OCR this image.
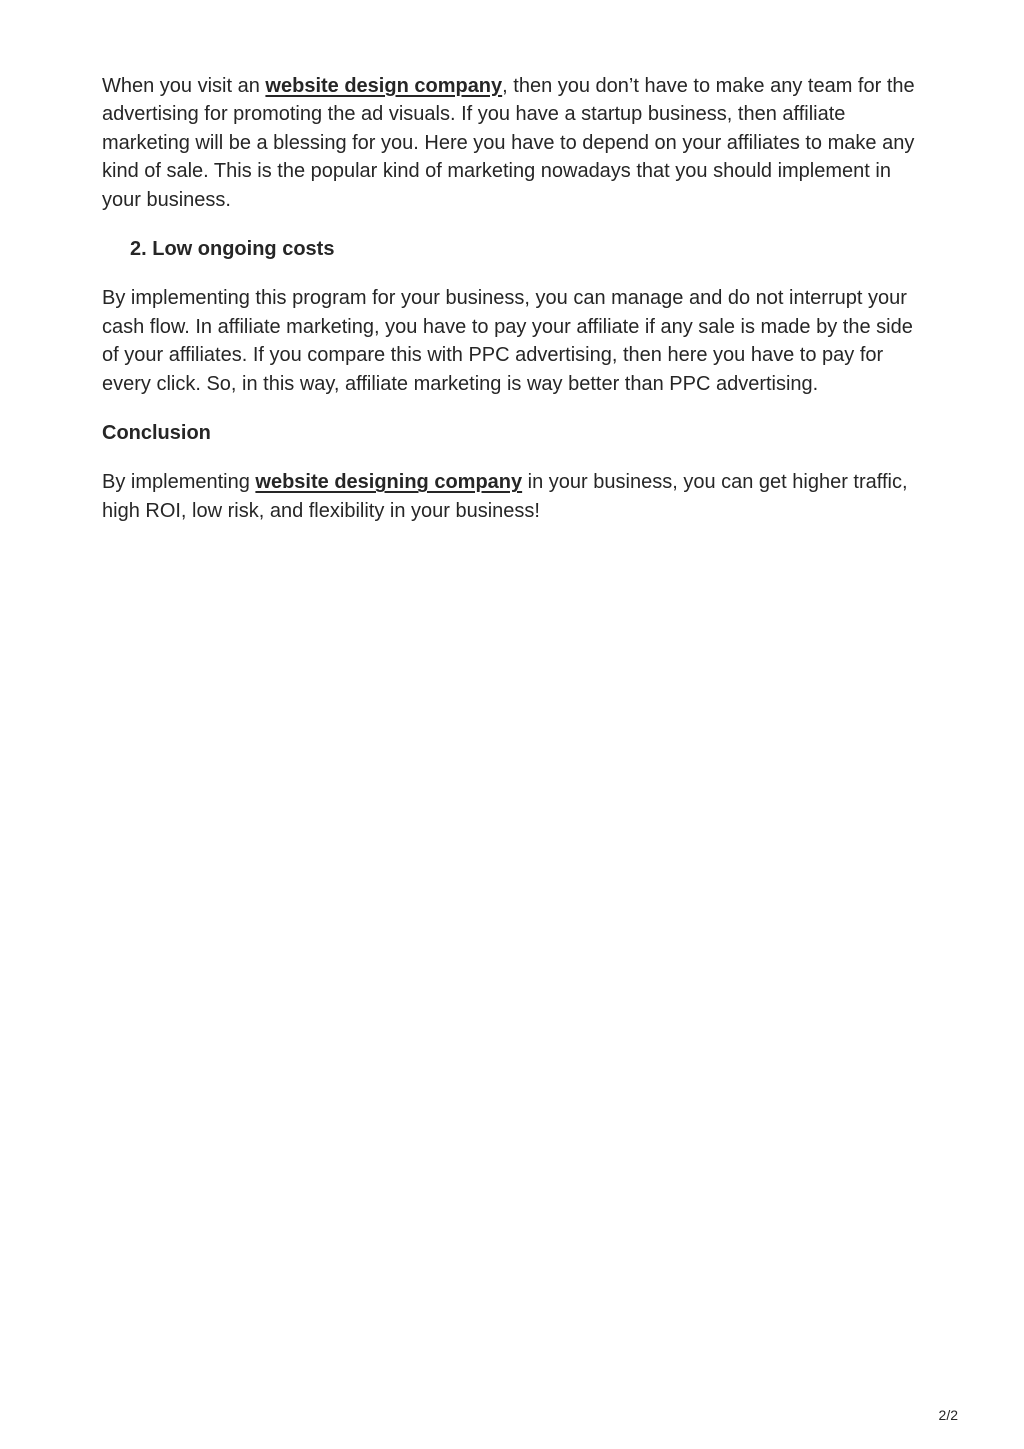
When you visit an website design company, then you don’t have to make any team for the advertising for promoting the ad visuals. If you have a startup business, then affiliate marketing will be a blessing for you. Here you have to depend on your affiliates to make any kind of sale. This is the popular kind of marketing nowadays that you should implement in your business.

2. Low ongoing costs

By implementing this program for your business, you can manage and do not interrupt your cash flow. In affiliate marketing, you have to pay your affiliate if any sale is made by the side of your affiliates. If you compare this with PPC advertising, then here you have to pay for every click. So, in this way, affiliate marketing is way better than PPC advertising.

Conclusion

By implementing website designing company in your business, you can get higher traffic, high ROI, low risk, and flexibility in your business!

2/2
